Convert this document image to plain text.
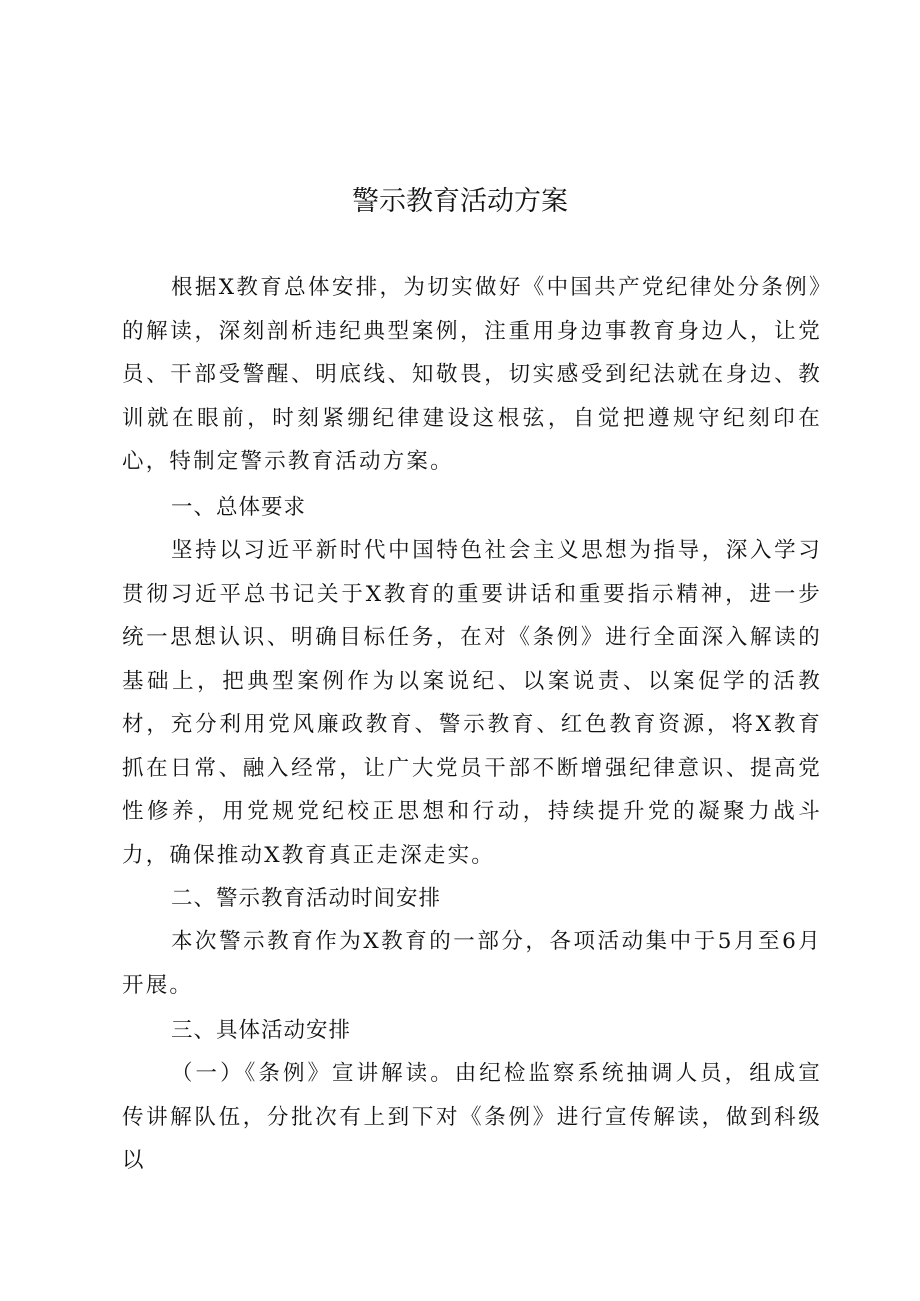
警示教育活动方案

根据X教育总体安排，为切实做好《中国共产党纪律处分条例》的解读，深刻剖析违纪典型案例，注重用身边事教育身边人，让党员、干部受警醒、明底线、知敬畏，切实感受到纪法就在身边、教训就在眼前，时刻紧绷纪律建设这根弦，自觉把遵规守纪刻印在心，特制定警示教育活动方案。

一、总体要求

坚持以习近平新时代中国特色社会主义思想为指导，深入学习贯彻习近平总书记关于X教育的重要讲话和重要指示精神，进一步统一思想认识、明确目标任务，在对《条例》进行全面深入解读的基础上，把典型案例作为以案说纪、以案说责、以案促学的活教材，充分利用党风廉政教育、警示教育、红色教育资源，将X教育抓在日常、融入经常，让广大党员干部不断增强纪律意识、提高党性修养，用党规党纪校正思想和行动，持续提升党的凝聚力战斗力，确保推动X教育真正走深走实。

二、警示教育活动时间安排

本次警示教育作为X教育的一部分，各项活动集中于5月至6月开展。

三、具体活动安排

（一）《条例》宣讲解读。由纪检监察系统抽调人员，组成宣传讲解队伍，分批次有上到下对《条例》进行宣传解读，做到科级以
